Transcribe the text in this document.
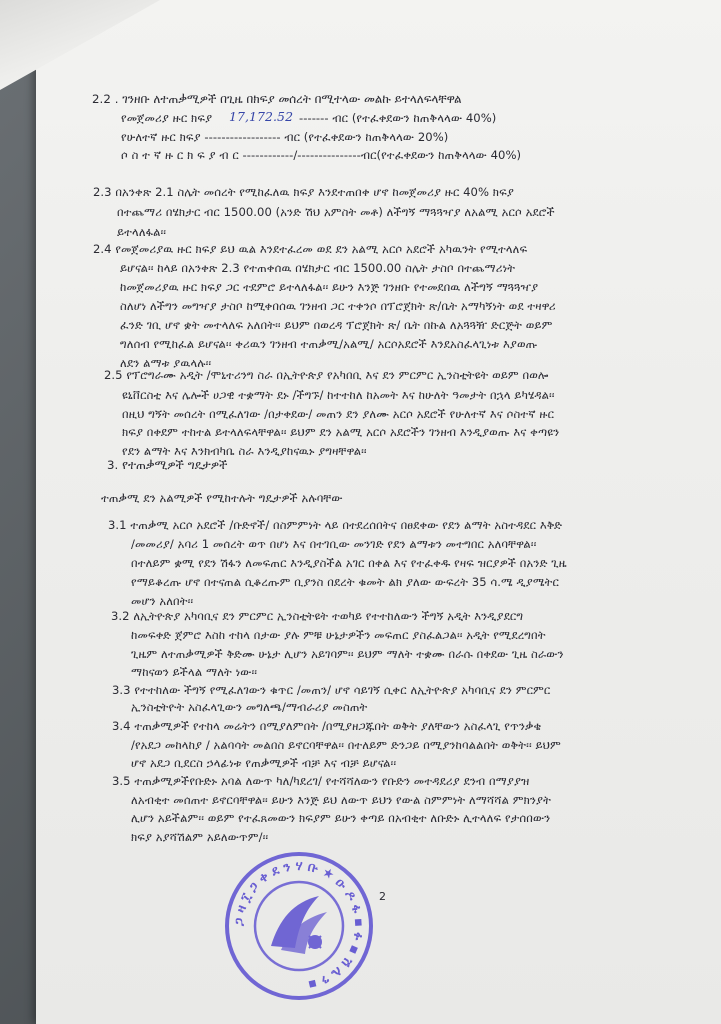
2.2 . ገንዘቡ ለተጠቃሚዎች በጊዜ በክፍያ መሰረት በሚተላው መልኩ ይተላለፍላቸዋል
የመጀመሪያ ዙር ክፍያ 17,172.52 ------- ብር (የተፈቀደውን ከጠቅላላው 40%)
የሁለተኛ ዙር ክፍያ ------------------ ብር (የተፈቀደውን ከጠቅላላው 20%)
ሶ ስ ተ ኛ ዙ ር ክ ፍ ያ ብ ር ------------/---------------ብር(የተፈቀደውን ከጠቅላላው 40%)
2.3 በአንቀጽ 2.1 ስሌት መሰረት የሚከፈለዉ ክፍያ እንደተጠበቀ ሆኖ ከመጀመሪያ ዙር 40% ክፍያ
በተጨማሪ በሄክታር ብር 1500.00 (አንድ ሽህ አምስት መቶ) ለችግኝ ማጓጓዣያ ለአልሚ አርሶ አደሮች
ይተላለፋል፡፡
2.4 የመጀመሪያዉ ዙር ክፍያ ይህ ዉል እንደተፈረመ ወደ ደን አልሚ አርሶ አደሮች አካዉንት የሚተላለፍ
ይሆናል፡፡ ከላይ በአንቀጽ 2.3 የተጠቀሰዉ በሄክታር ብር 1500.00 ስሌት ታስቦ በተጨማሪነት
ከመጀመሪያዉ ዙር ክፍያ ጋር ተደምሮ ይተላለፋል፡፡ ይሁን እንጅ ገንዘቡ የተመደበዉ ለችግኝ ማጓጓዣያ
ስለሆነ ለችግን መግዣያ ታስቦ ከሚቀበሰዉ ገንዘብ ጋር ተቀንሶ በፕሮጀክት ጽ/ቤት አማካኝነት ወደ ተዛዋሪ
ፈንድ ገቢ ሆኖ ቋት መተላለፍ አለበት፡፡ ይህም በወረዳ ፕሮጀክት ጽ/ ቤት በኩል ለአጓጓዥ ድርጅት ወይም
ግለሰብ የሚከፈል ይሆናል፡፡ ቀሪዉን ገንዘብ ተጠቃሚ/አልሚ/ አርሶአደሮች እንደአስፈላጊነቱ እያወጡ
ለደን ልማቱ ያዉላሉ፡፡
2.5 የፕሮግራሙ አዲት /ሞኒተሪንግ ስራ በኢትዮጵያ የአካበቢ እና ደን ምርምር ኢንስቲትዩት ወይም በወሎ
ዩኒቨርስቲ እና ሌሎች ሀጋዊ ተቋማት ደኑ /ችግኙ/ ከተተከለ ከአመት እና ከሁለት ዓመታት በኋላ ይካሄዳል፡፡
በዚህ ግኝት መሰረት በሚፈለገው /በታቀደው/ መጠን ደን ያለሙ አርሶ አደሮች የሁለተኛ እና ሶስተኛ ዙር
ክፍያ በቀደም ተከተል ይተላለፍላቸዋል፡፡ ይህም ደን አልሚ አርሶ አደሮችን ገንዘብ እንዲያወጡ እና ቀጣዩን
የደን ልማት እና እንክብካቤ ስራ እንዲያከናዉኑ ያግዛቸዋል፡፡
3. የተጠቃሚዎች ግዴታዎች
ተጠቃሚ ደን አልሚዎች የሚከተሉት ግዴታዎች አሉባቸው
3.1 ተጠቃሚ አርሶ አደሮች /ቡድኖች/ በስምምነት ላይ በተደረሰበትና በፀደቀው የደን ልማት አስተዳደር እቅድ
/መመሪያ/ አባሪ 1 መሰረት ወጥ በሆነ እና በተገቢው መንገድ የደን ልማቱን መተግበር አለባቸዋል፡፡
በተለይም ቋሚ የደን ሽፋን ለመፍጠር እንዲያስችል አገር በቀል እና የተፈቀዱ የዛፍ ዝርያዎች በአንድ ጊዜ
የማይቆረጡ ሆኖ በተናጠል ሲቆረጡም ቢያንስ በደረት ቁመት ልክ ያለው ውፍረት 35 ሳ.ሜ ዲያሜትር
መሆን አለበት፡፡
3.2 ለኢትዮጵያ አካባቢና ደን ምርምር ኢንስቲትዩት ተወካይ የተተከለውን ችግኝ አዲት እንዲያደርግ
ከመፍቀድ ጀምሮ እስከ ተከላ በታው ያሉ ምቹ ሁኔታዎችን መፍጠር ያስፈልጋል፡፡ አዲት የሚደረግበት
ጊዜም ለተጠቃሚዎች ቅድሙ ሁኔታ ሊሆን አይገባም፡፡ ይህም ማለት ተቋሙ በራሱ በቀደው ጊዜ ስራውን
ማከናወን ይችላል ማለት ነው፡፡
3.3 የተተከለው ችግኝ የሚፈለገውን ቁጥር /መጠን/ ሆኖ ሳይገኝ ሲቀር ለኢትዮጵያ አካባቢና ደን ምርምር
ኢንስቲትዮት አስፈላጊውን መግለጫ/ማብራሪያ መስጠት
3.4 ተጠቃሚዎች የተከላ መሬትን በሚያለምበት /በሚያዘጋጁበት ወቅት ያለቸውን አስፈላጊ የጥንቃቄ
/የአደጋ መከላከያ / አልባሳት መልበስ ይኖርባቸዋል፡፡ በተለይም ድንጋይ በሚያንከባልልበት ወቅት፡፡ ይህም
ሆኖ አደጋ ቢደርስ ኃላፊነቱ የጠቃሚዎች ብቻ እና ብቻ ይሆናል፡፡
3.5 ተጠቃሚዎችየቡድኑ አባል ለውጥ ካለ/ካደረገ/ የተሻሻለውን የቡድን መተዳደሪያ ደንብ በማያያዝ
ለአብቂተ መሰጠተ ይኖርባቸዋል፡፡ ይሁን እንጅ ይህ ለውጥ ይህን የውል ስምምነት ለማሻሻል ምክንያት
ሊሆን አይችልም፡፡ ወይም የተፈጸመውን ክፍያም ይሁን ቀጣይ በአብቂተ ለቡድኑ ሊተላለፍ የታሰበውን
ክፍያ አያሻሽልም አይለውጥም/፡፡
ጋ ዛ ፲ ጋ ቀ ደ ን ሃ ቡ ★ ዑ ዶ ፋ ▪ ፉ ▪ ሽ ሌ ን ▪
2
